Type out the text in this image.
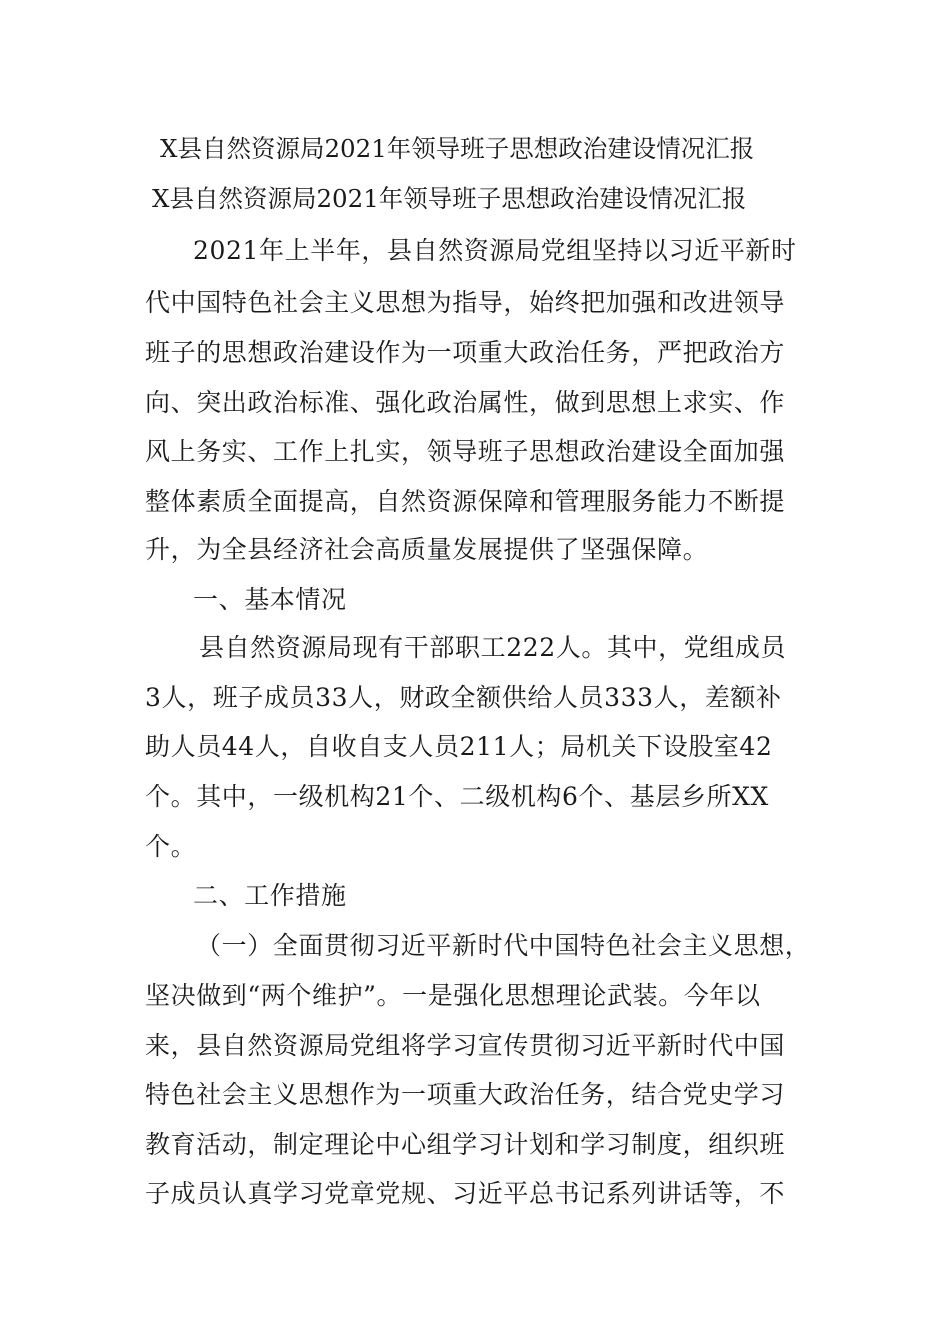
X县自然资源局2021年领导班子思想政治建设情况汇报
X县自然资源局2021年领导班子思想政治建设情况汇报
2021年上半年，县自然资源局党组坚持以习近平新时
代中国特色社会主义思想为指导，始终把加强和改进领导
班子的思想政治建设作为一项重大政治任务，严把政治方
向、突出政治标准、强化政治属性，做到思想上求实、作
风上务实、工作上扎实，领导班子思想政治建设全面加强
整体素质全面提高，自然资源保障和管理服务能力不断提
升，为全县经济社会高质量发展提供了坚强保障。
一、基本情况
县自然资源局现有干部职工222人。其中，党组成员
3人，班子成员33人，财政全额供给人员333人，差额补
助人员44人，自收自支人员211人；局机关下设股室42
个。其中，一级机构21个、二级机构6个、基层乡所XX
个。
二、工作措施
（一）全面贯彻习近平新时代中国特色社会主义思想，
坚决做到“两个维护”。一是强化思想理论武装。今年以
来，县自然资源局党组将学习宣传贯彻习近平新时代中国
特色社会主义思想作为一项重大政治任务，结合党史学习
教育活动，制定理论中心组学习计划和学习制度，组织班
子成员认真学习党章党规、习近平总书记系列讲话等，不
